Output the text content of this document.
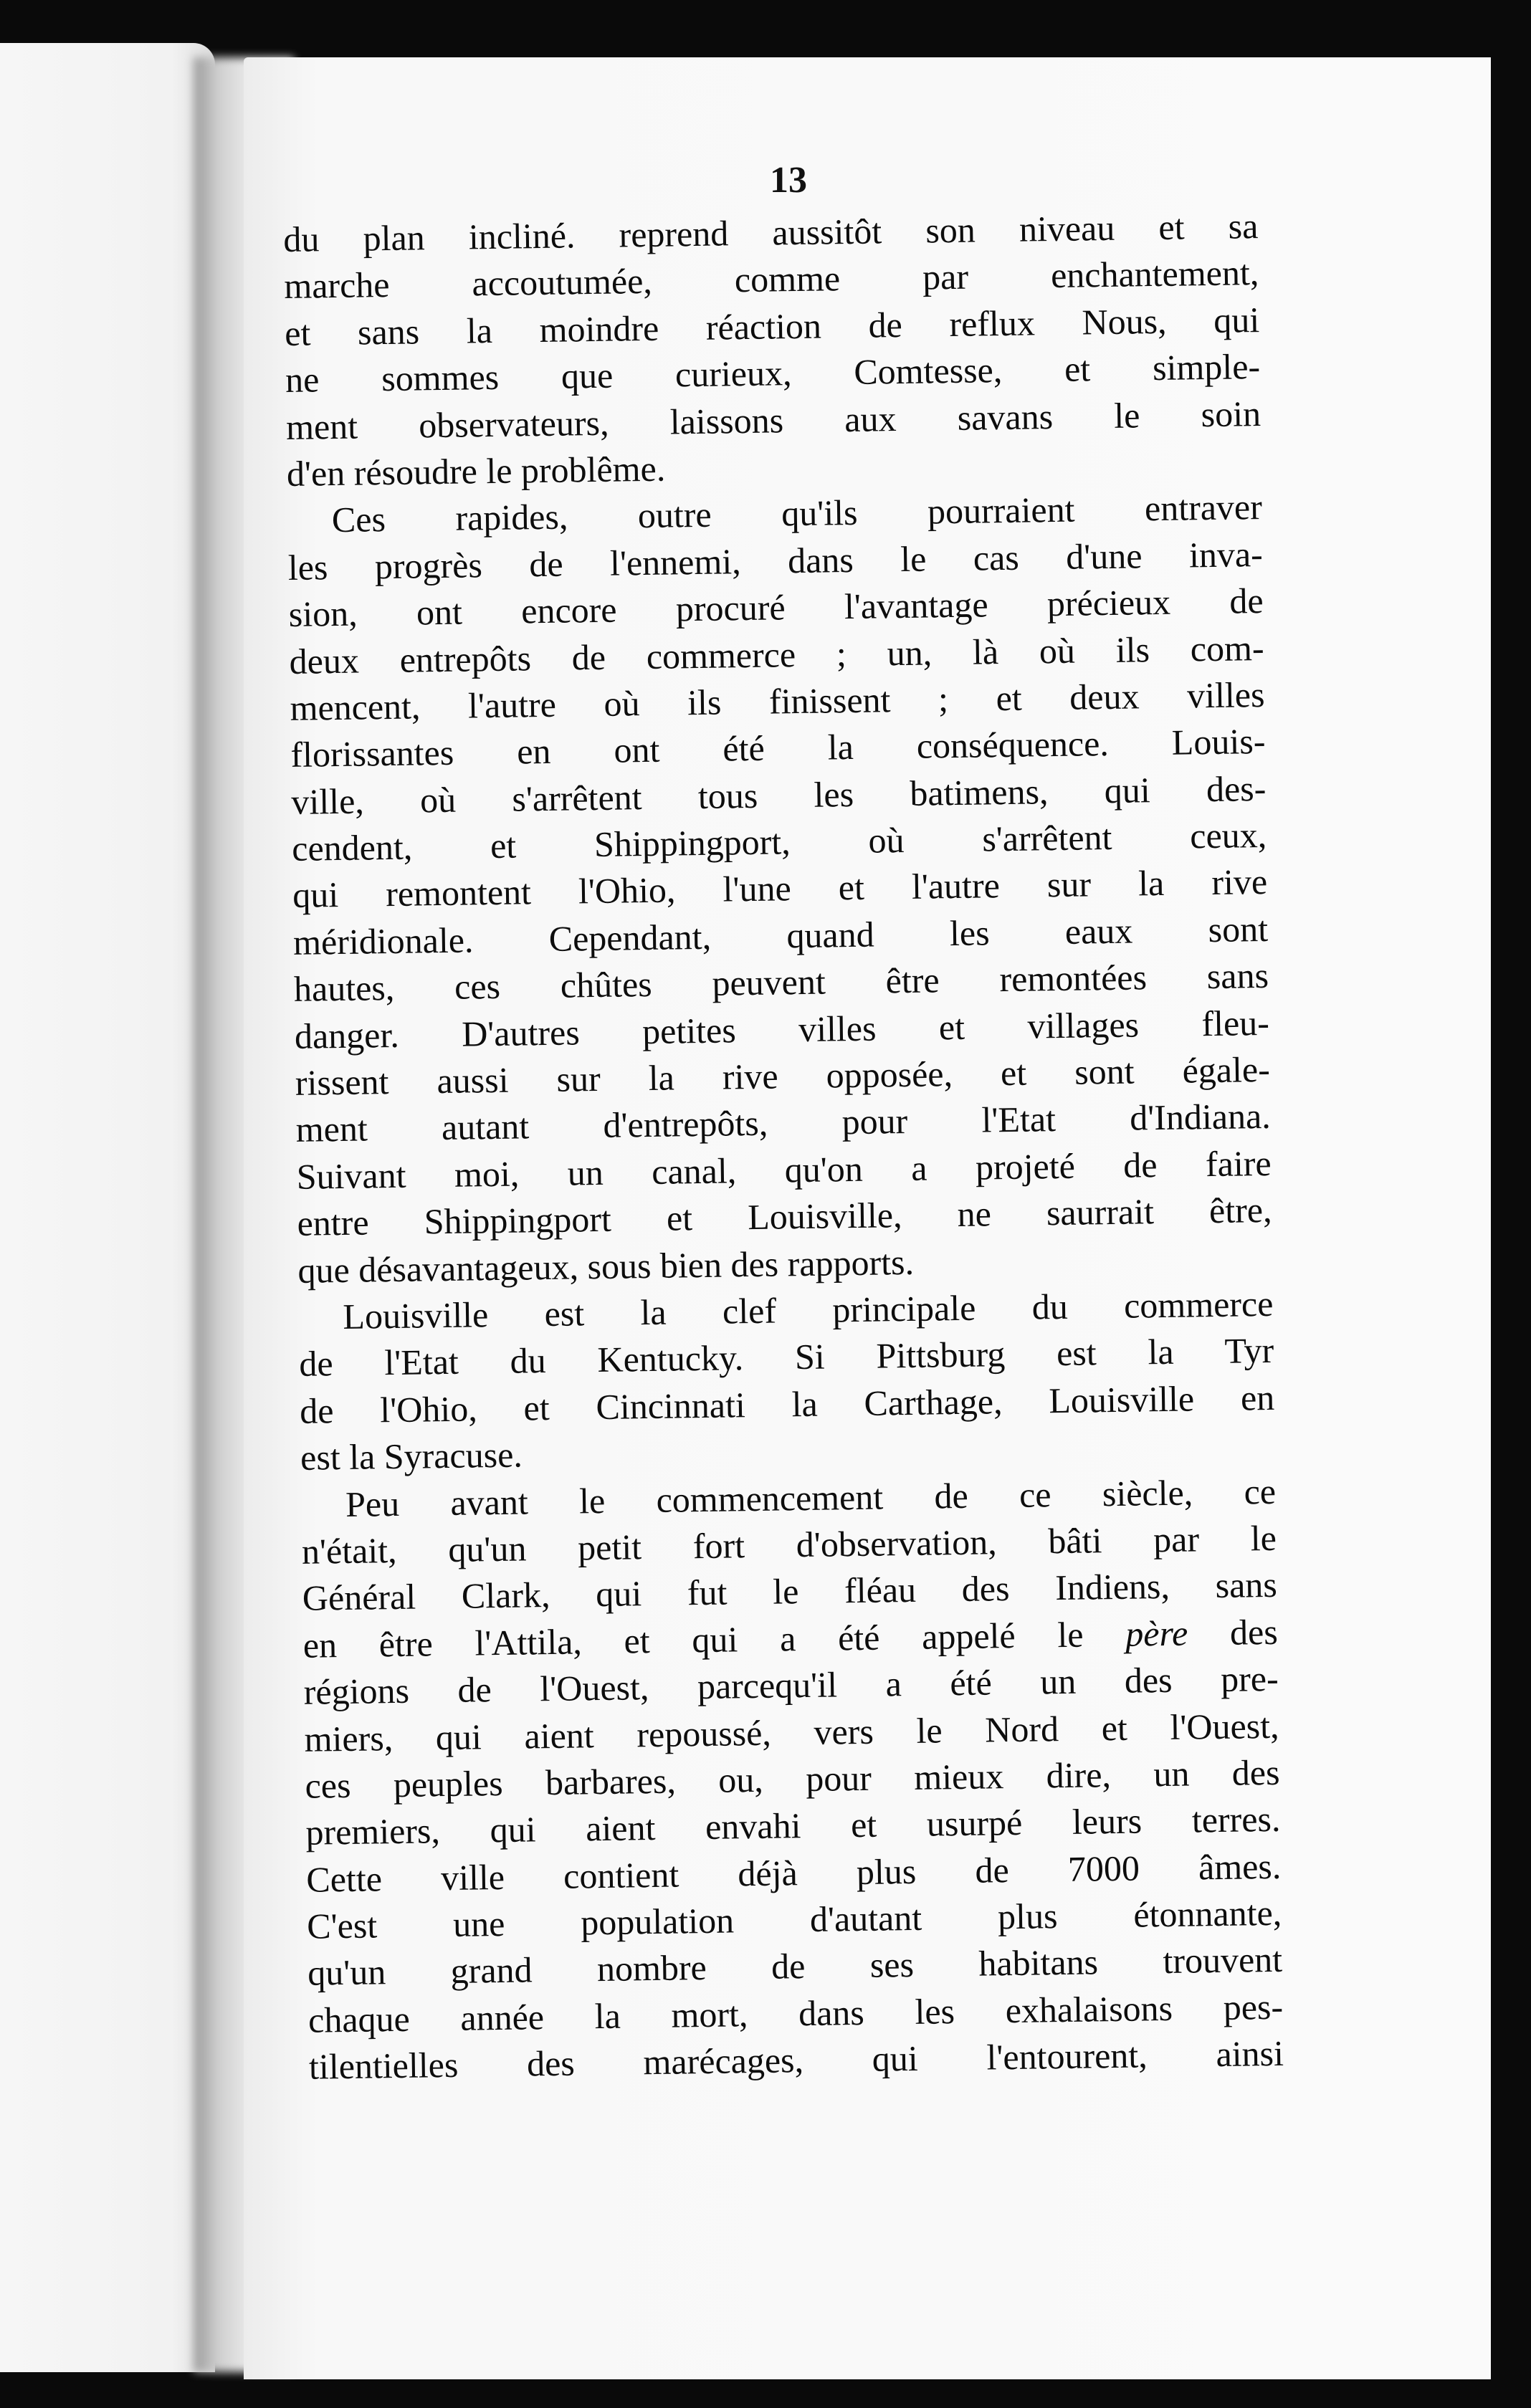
13
du plan incliné. reprend aussitôt son niveau et sa
marche accoutumée, comme par enchantement,
et sans la moindre réaction de reflux Nous, qui
ne sommes que curieux, Comtesse, et simple-
ment observateurs, laissons aux savans le soin
d'en résoudre le problême.
Ces rapides, outre qu'ils pourraient entraver
les progrès de l'ennemi, dans le cas d'une inva-
sion, ont encore procuré l'avantage précieux de
deux entrepôts de commerce ; un, là où ils com-
mencent, l'autre où ils finissent ; et deux villes
florissantes en ont été la conséquence. Louis-
ville, où s'arrêtent tous les batimens, qui des-
cendent, et Shippingport, où s'arrêtent ceux,
qui remontent l'Ohio, l'une et l'autre sur la rive
méridionale. Cependant, quand les eaux sont
hautes, ces chûtes peuvent être remontées sans
danger. D'autres petites villes et villages fleu-
rissent aussi sur la rive opposée, et sont égale-
ment autant d'entrepôts, pour l'Etat d'Indiana.
Suivant moi, un canal, qu'on a projeté de faire
entre Shippingport et Louisville, ne saurrait être,
que désavantageux, sous bien des rapports.
Louisville est la clef principale du commerce
de l'Etat du Kentucky. Si Pittsburg est la Tyr
de l'Ohio, et Cincinnati la Carthage, Louisville en
est la Syracuse.
Peu avant le commencement de ce siècle, ce
n'était, qu'un petit fort d'observation, bâti par le
Général Clark, qui fut le fléau des Indiens, sans
en être l'Attila, et qui a été appelé le père des
régions de l'Ouest, parcequ'il a été un des pre-
miers, qui aient repoussé, vers le Nord et l'Ouest,
ces peuples barbares, ou, pour mieux dire, un des
premiers, qui aient envahi et usurpé leurs terres.
Cette ville contient déjà plus de 7000 âmes.
C'est une population d'autant plus étonnante,
qu'un grand nombre de ses habitans trouvent
chaque année la mort, dans les exhalaisons pes-
tilentielles des marécages, qui l'entourent, ainsi
